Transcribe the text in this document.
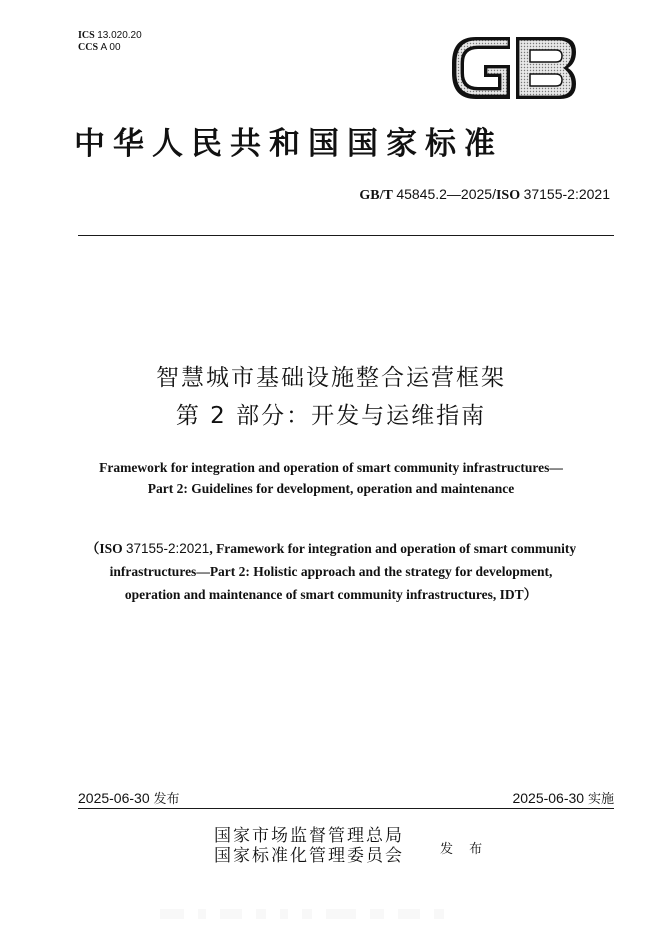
ICS 13.020.20
CCS A 00
中华人民共和国国家标准
GB/T 45845.2—2025/ISO 37155-2:2021
智慧城市基础设施整合运营框架
第 2 部分：开发与运维指南
Framework for integration and operation of smart community infrastructures—
Part 2: Guidelines for development, operation and maintenance
（ISO 37155-2:2021, Framework for integration and operation of smart community
infrastructures—Part 2: Holistic approach and the strategy for development,
operation and maintenance of smart community infrastructures, IDT）
2025-06-30 发布	2025-06-30 实施
国家市场监督管理总局
国家标准化管理委员会	发 布
